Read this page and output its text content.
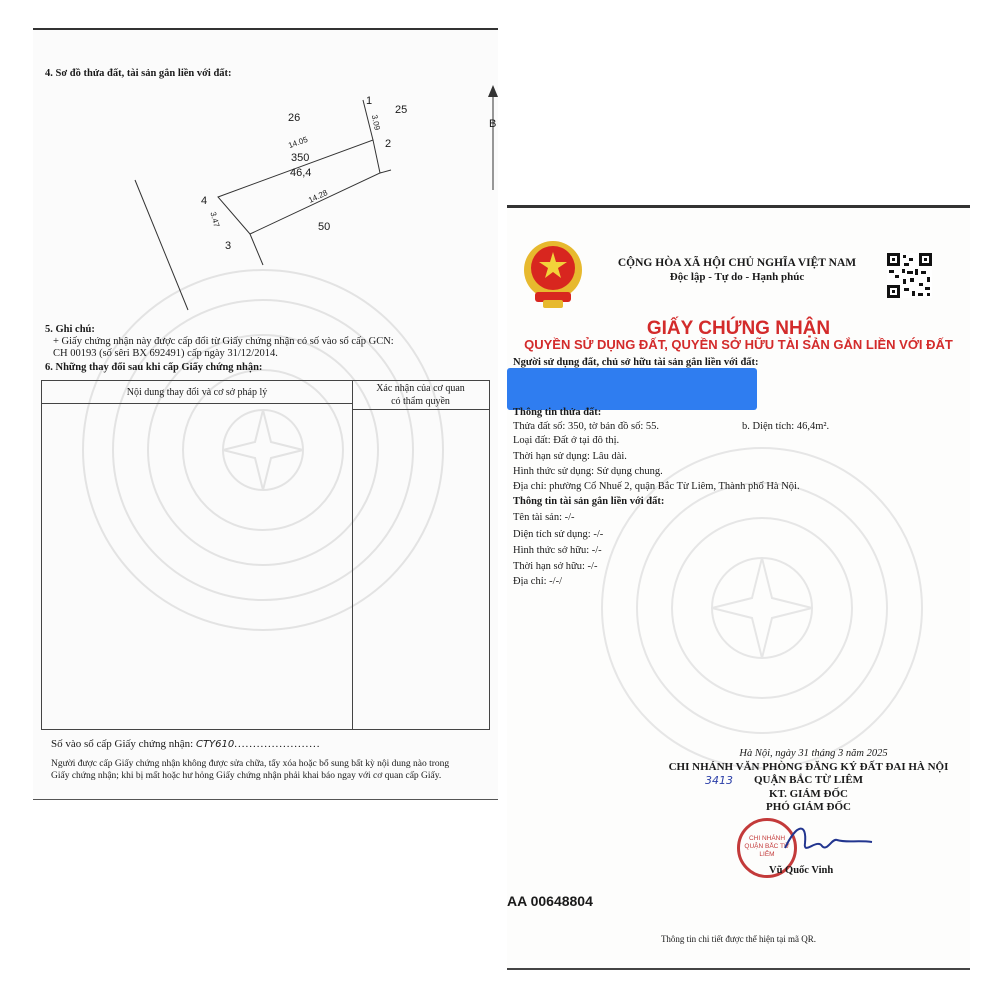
4. Sơ đồ thửa đất, tài sản gắn liền với đất:
B
26
25
50
350
46,4
1
2
3
4
14.05
3.09
14.28
3.47
5. Ghi chú:
+ Giấy chứng nhận này được cấp đổi từ Giấy chứng nhận có số vào sổ cấp GCN:
CH 00193 (số sêri BX 692491) cấp ngày 31/12/2014.
6. Những thay đổi sau khi cấp Giấy chứng nhận:
Nội dung thay đổi và cơ sở pháp lý	Xác nhận của cơ quan
có thẩm quyền
Số vào sổ cấp Giấy chứng nhận: CTY610.......................
Người được cấp Giấy chứng nhận không được sửa chữa, tẩy xóa hoặc bổ sung bất kỳ nội dung nào trong
Giấy chứng nhận; khi bị mất hoặc hư hỏng Giấy chứng nhận phải khai báo ngay với cơ quan cấp Giấy.
CỘNG HÒA XÃ HỘI CHỦ NGHĨA VIỆT NAM
Độc lập - Tự do - Hạnh phúc
GIẤY CHỨNG NHẬN
QUYỀN SỬ DỤNG ĐẤT, QUYỀN SỞ HỮU TÀI SẢN GẮN LIỀN VỚI ĐẤT
Người sử dụng đất, chủ sở hữu tài sản gắn liền với đất:
Thông tin thửa đất:
Thửa đất số: 350, tờ bản đồ số: 55.	b. Diện tích: 46,4m².
Loại đất: Đất ở tại đô thị.
Thời hạn sử dụng: Lâu dài.
Hình thức sử dụng: Sử dụng chung.
Địa chỉ: phường Cổ Nhuế 2, quận Bắc Từ Liêm, Thành phố Hà Nội.
Thông tin tài sản gắn liền với đất:
Tên tài sản: -/-
Diện tích sử dụng: -/-
Hình thức sở hữu: -/-
Thời hạn sở hữu: -/-
Địa chỉ: -/-/
Hà Nội, ngày 31 tháng 3 năm 2025
CHI NHÁNH VĂN PHÒNG ĐĂNG KÝ ĐẤT ĐAI HÀ NỘI
3413	QUẬN BẮC TỪ LIÊM
KT. GIÁM ĐỐC
PHÓ GIÁM ĐỐC
CHI NHÁNH QUẬN BẮC TỪ LIÊM
Vũ Quốc Vinh
AA 00648804
Thông tin chi tiết được thể hiện tại mã QR.
